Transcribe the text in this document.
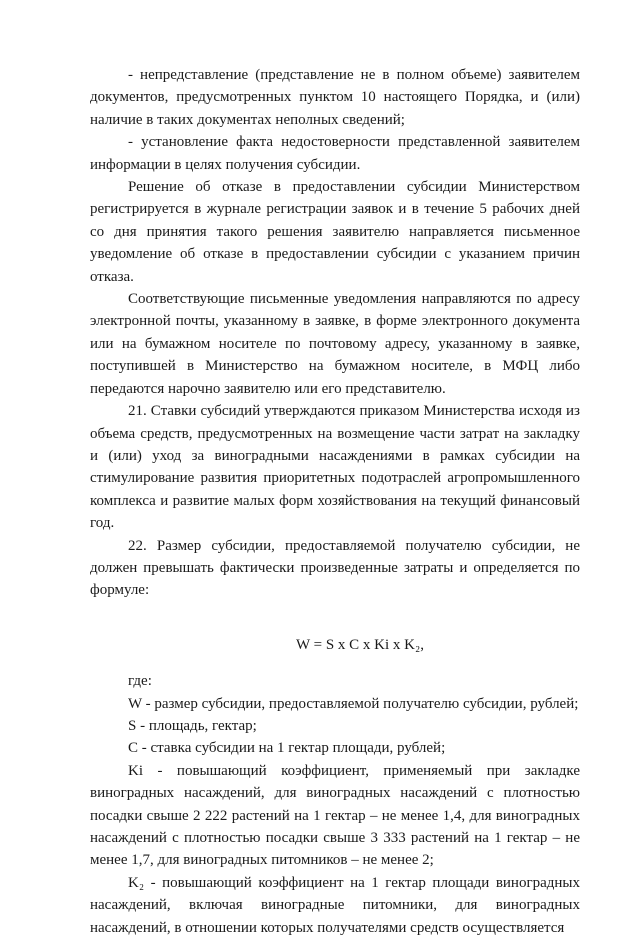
- непредставление (представление не в полном объеме) заявителем документов, предусмотренных пунктом 10 настоящего Порядка, и (или) наличие в таких документах неполных сведений;

- установление факта недостоверности представленной заявителем информации в целях получения субсидии.

Решение об отказе в предоставлении субсидии Министерством регистрируется в журнале регистрации заявок и в течение 5 рабочих дней со дня принятия такого решения заявителю направляется письменное уведомление об отказе в предоставлении субсидии с указанием причин отказа.

Соответствующие письменные уведомления направляются по адресу электронной почты, указанному в заявке, в форме электронного документа или на бумажном носителе по почтовому адресу, указанному в заявке, поступившей в Министерство на бумажном носителе, в МФЦ либо передаются нарочно заявителю или его представителю.

21. Ставки субсидий утверждаются приказом Министерства исходя из объема средств, предусмотренных на возмещение части затрат на закладку и (или) уход за виноградными насаждениями в рамках субсидии на стимулирование развития приоритетных подотраслей агропромышленного комплекса и развитие малых форм хозяйствования на текущий финансовый год.

22. Размер субсидии, предоставляемой получателю субсидии, не должен превышать фактически произведенные затраты и определяется по формуле:

W = S x C x Ki x K₂,

где:

W - размер субсидии, предоставляемой получателю субсидии, рублей;

S - площадь, гектар;

C - ставка субсидии на 1 гектар площади, рублей;

Ki - повышающий коэффициент, применяемый при закладке виноградных насаждений, для виноградных насаждений с плотностью посадки свыше 2 222 растений на 1 гектар – не менее 1,4, для виноградных насаждений с плотностью посадки свыше 3 333 растений на 1 гектар – не менее 1,7, для виноградных питомников – не менее 2;

K₂ - повышающий коэффициент на 1 гектар площади виноградных насаждений, включая виноградные питомники, для виноградных насаждений, в отношении которых получателями средств осуществляется
